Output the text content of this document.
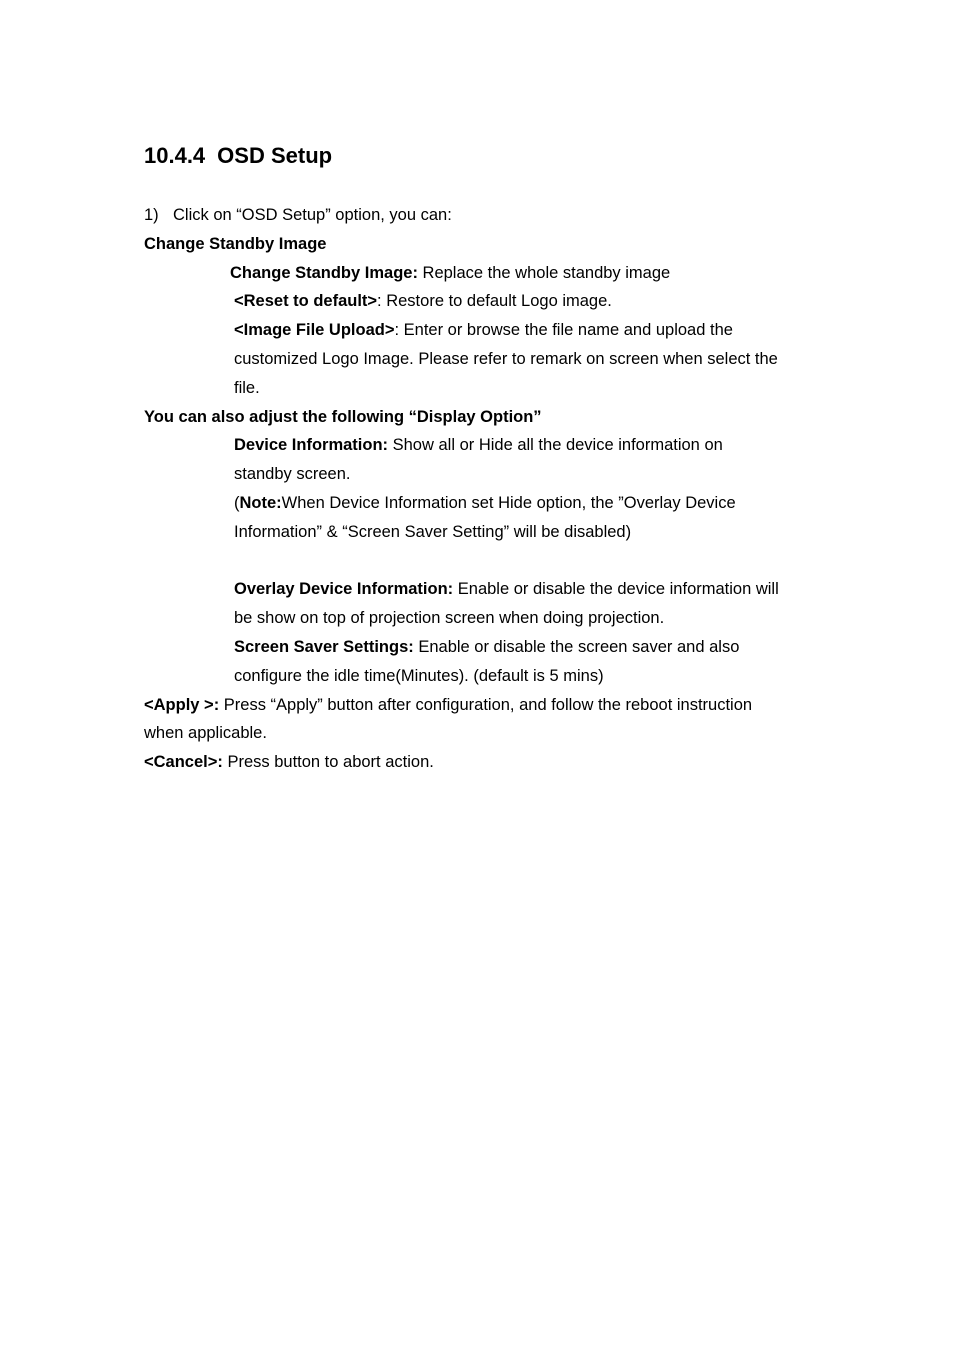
10.4.4 OSD Setup
1) Click on “OSD Setup” option, you can:
Change Standby Image
Change Standby Image: Replace the whole standby image
<Reset to default>: Restore to default Logo image.
<Image File Upload>: Enter or browse the file name and upload the
customized Logo Image. Please refer to remark on screen when select the
file.
You can also adjust the following “Display Option”
Device Information: Show all or Hide all the device information on
standby screen.
(Note:When Device Information set Hide option, the ”Overlay Device
Information” & “Screen Saver Setting” will be disabled)
Overlay Device Information: Enable or disable the device information will
be show on top of projection screen when doing projection.
Screen Saver Settings: Enable or disable the screen saver and also
configure the idle time(Minutes). (default is 5 mins)
<Apply >: Press “Apply” button after configuration, and follow the reboot instruction
when applicable.
<Cancel>: Press button to abort action.
